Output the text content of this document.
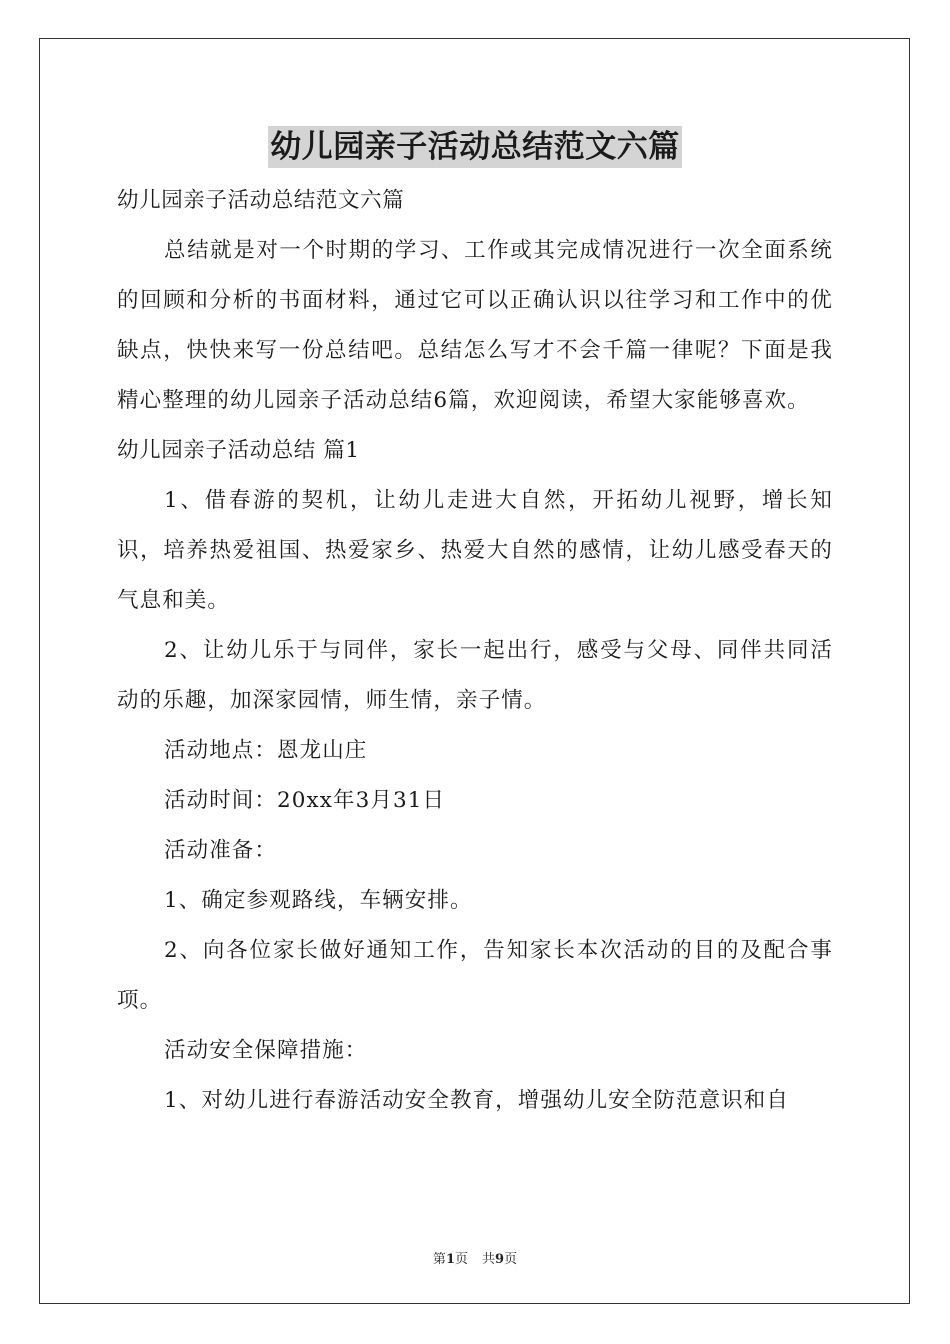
幼儿园亲子活动总结范文六篇

幼儿园亲子活动总结范文六篇

总结就是对一个时期的学习、工作或其完成情况进行一次全面系统的回顾和分析的书面材料，通过它可以正确认识以往学习和工作中的优缺点，快快来写一份总结吧。总结怎么写才不会千篇一律呢？下面是我精心整理的幼儿园亲子活动总结6篇，欢迎阅读，希望大家能够喜欢。

幼儿园亲子活动总结 篇1

1、借春游的契机，让幼儿走进大自然，开拓幼儿视野，增长知识，培养热爱祖国、热爱家乡、热爱大自然的感情，让幼儿感受春天的气息和美。

2、让幼儿乐于与同伴，家长一起出行，感受与父母、同伴共同活动的乐趣，加深家园情，师生情，亲子情。

活动地点：恩龙山庄

活动时间：20xx年3月31日

活动准备：

1、确定参观路线，车辆安排。

2、向各位家长做好通知工作，告知家长本次活动的目的及配合事项。

活动安全保障措施：

1、对幼儿进行春游活动安全教育，增强幼儿安全防范意识和自

第1页 共9页
